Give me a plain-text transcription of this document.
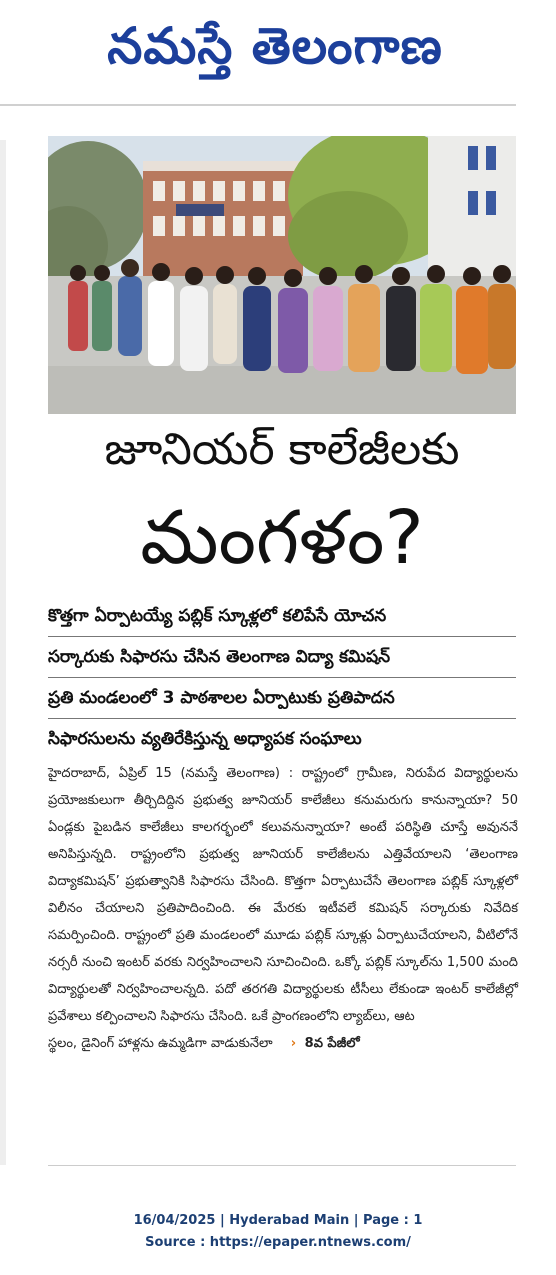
నమస్తే తెలంగాణ
జూనియర్ కాలేజీలకు
మంగళం?
కొత్తగా ఏర్పాటయ్యే పబ్లిక్ స్కూళ్లలో కలిపేసే యోచన
సర్కారుకు సిఫారసు చేసిన తెలంగాణ విద్యా కమిషన్
ప్రతి మండలంలో 3 పాఠశాలల ఏర్పాటుకు ప్రతిపాదన
సిఫారసులను వ్యతిరేకిస్తున్న అధ్యాపక సంఘాలు

హైదరాబాద్, ఏప్రిల్ 15 (నమస్తే తెలంగాణ) : రాష్ట్రంలో గ్రామీణ, నిరుపేద విద్యార్థులను ప్రయోజకులుగా తీర్చిదిద్దిన ప్రభుత్వ జూనియర్ కాలేజీలు కనుమరుగు కానున్నాయా? 50 ఏండ్లకు పైబడిన కాలేజీలు కాలగర్భంలో కలువనున్నాయా? అంటే పరిస్థితి చూస్తే అవుననే అనిపిస్తున్నది. రాష్ట్రంలోని ప్రభుత్వ జూనియర్ కాలేజీలను ఎత్తివేయాలని ‘తెలంగాణ విద్యాకమిషన్’ ప్రభుత్వానికి సిఫారసు చేసింది. కొత్తగా ఏర్పాటుచేసే తెలంగాణ పబ్లిక్ స్కూళ్లలో విలీనం చేయాలని ప్రతిపాదించింది. ఈ మేరకు ఇటీవలే కమిషన్ సర్కారుకు నివేదిక సమర్పించింది. రాష్ట్రంలో ప్రతి మండలంలో మూడు పబ్లిక్ స్కూళ్లు ఏర్పాటుచేయాలని, వీటిలోనే నర్సరీ నుంచి ఇంటర్ వరకు నిర్వహించాలని సూచించింది. ఒక్కో పబ్లిక్ స్కూల్‌ను 1,500 మంది విద్యార్థులతో నిర్వహించాలన్నది. పదో తరగతి విద్యార్థులకు టీసీలు లేకుండా ఇంటర్ కాలేజీల్లో ప్రవేశాలు కల్పించాలని సిఫారసు చేసింది. ఒకే ప్రాంగణంలోని ల్యాబ్‌లు, ఆట

స్థలం, డైనింగ్ హాళ్లను ఉమ్మడిగా వాడుకునేలా › 8వ పేజీలో

16/04/2025 | Hyderabad Main | Page : 1
Source : https://epaper.ntnews.com/
